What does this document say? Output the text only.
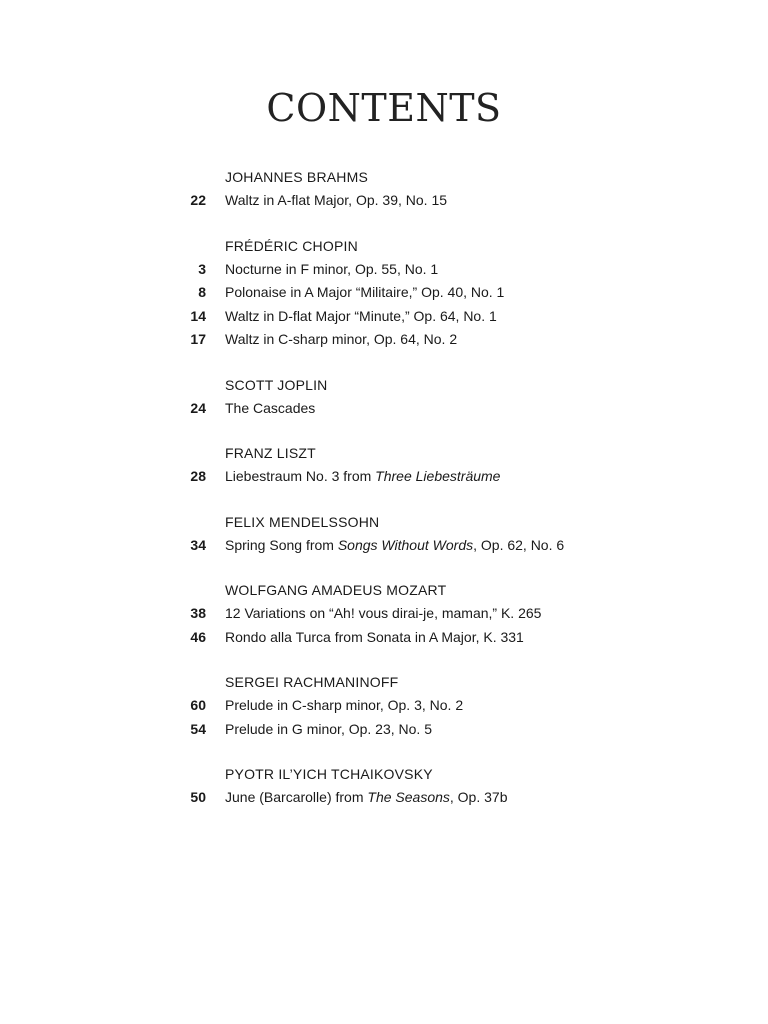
CONTENTS
JOHANNES BRAHMS
22 Waltz in A-flat Major, Op. 39, No. 15
FRÉDÉRIC CHOPIN
3 Nocturne in F minor, Op. 55, No. 1
8 Polonaise in A Major “Militaire,” Op. 40, No. 1
14 Waltz in D-flat Major “Minute,” Op. 64, No. 1
17 Waltz in C-sharp minor, Op. 64, No. 2
SCOTT JOPLIN
24 The Cascades
FRANZ LISZT
28 Liebestraum No. 3 from Three Liebesträume
FELIX MENDELSSOHN
34 Spring Song from Songs Without Words, Op. 62, No. 6
WOLFGANG AMADEUS MOZART
38 12 Variations on “Ah! vous dirai-je, maman,” K. 265
46 Rondo alla Turca from Sonata in A Major, K. 331
SERGEI RACHMANINOFF
60 Prelude in C-sharp minor, Op. 3, No. 2
54 Prelude in G minor, Op. 23, No. 5
PYOTR IL’YICH TCHAIKOVSKY
50 June (Barcarolle) from The Seasons, Op. 37b
